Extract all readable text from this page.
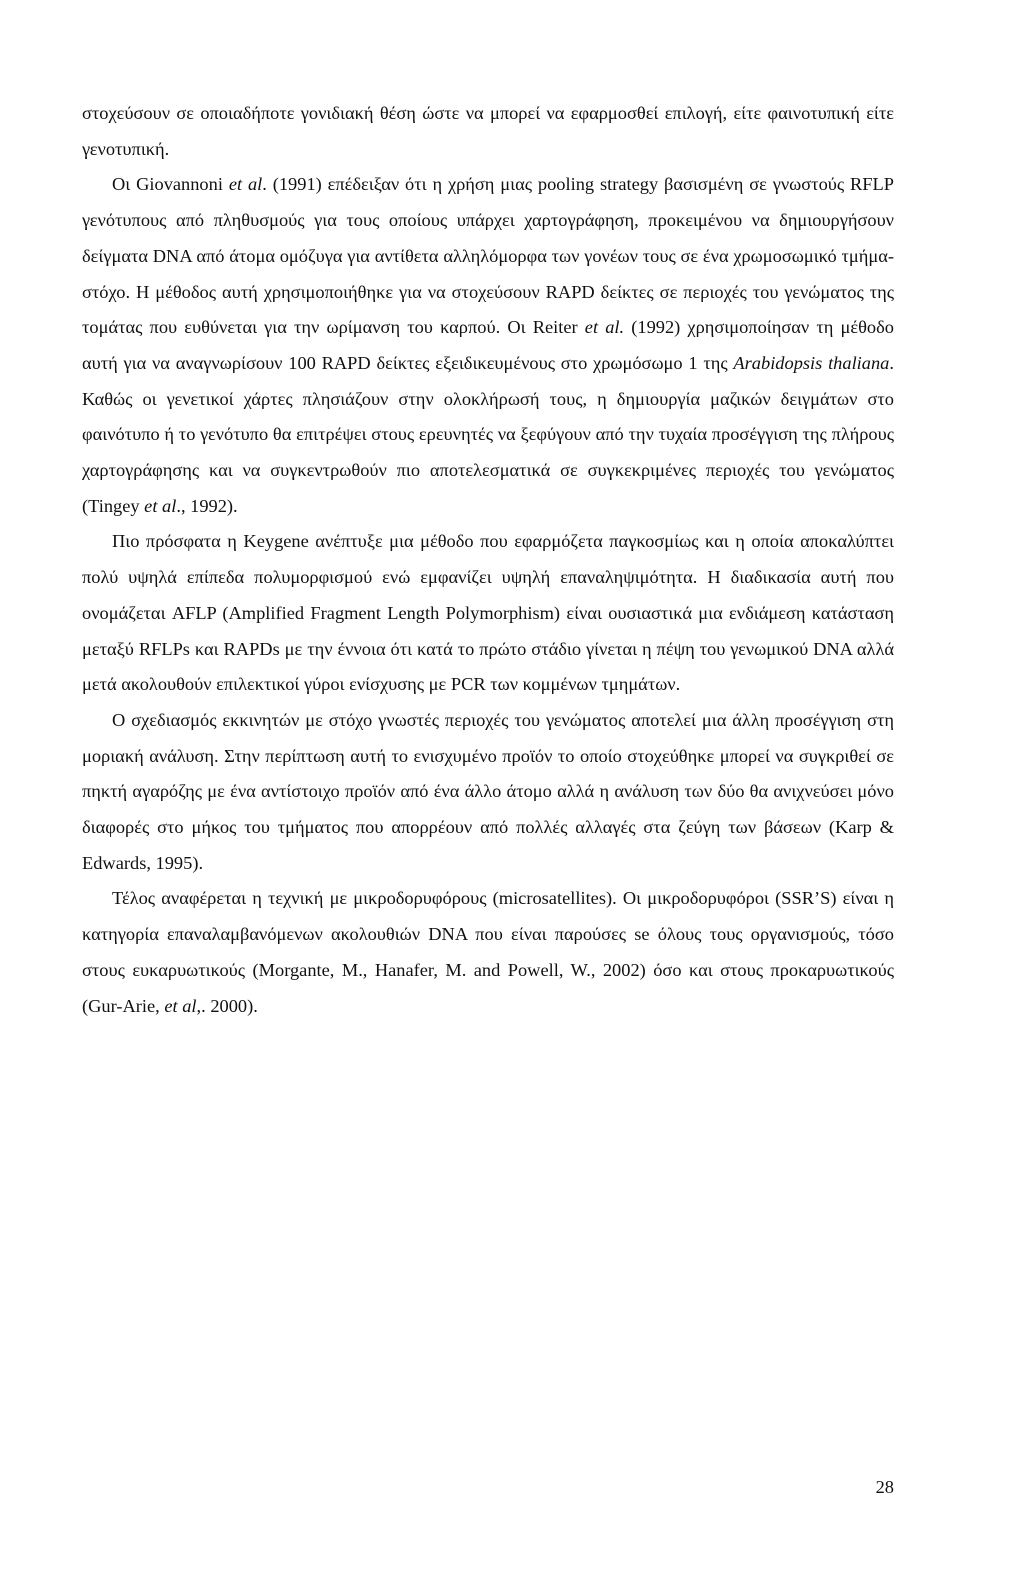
στοχεύσουν σε οποιαδήποτε γονιδιακή θέση ώστε να μπορεί να εφαρμοσθεί επιλογή, είτε φαινοτυπική είτε γενοτυπική.

Οι Giovannoni et al. (1991) επέδειξαν ότι η χρήση μιας pooling strategy βασισμένη σε γνωστούς RFLP γενότυπους από πληθυσμούς για τους οποίους υπάρχει χαρτογράφηση, προκειμένου να δημιουργήσουν δείγματα DNA από άτομα ομόζυγα για αντίθετα αλληλόμορφα των γονέων τους σε ένα χρωμοσωμικό τμήμα-στόχο. Η μέθοδος αυτή χρησιμοποιήθηκε για να στοχεύσουν RAPD δείκτες σε περιοχές του γενώματος της τομάτας που ευθύνεται για την ωρίμανση του καρπού. Οι Reiter et al. (1992) χρησιμοποίησαν τη μέθοδο αυτή για να αναγνωρίσουν 100 RAPD δείκτες εξειδικευμένους στο χρωμόσωμο 1 της Arabidopsis thaliana. Καθώς οι γενετικοί χάρτες πλησιάζουν στην ολοκλήρωσή τους, η δημιουργία μαζικών δειγμάτων στο φαινότυπο ή το γενότυπο θα επιτρέψει στους ερευνητές να ξεφύγουν από την τυχαία προσέγγιση της πλήρους χαρτογράφησης και να συγκεντρωθούν πιο αποτελεσματικά σε συγκεκριμένες περιοχές του γενώματος (Tingey et al., 1992).

Πιο πρόσφατα η Keygene ανέπτυξε μια μέθοδο που εφαρμόζετα παγκοσμίως και η οποία αποκαλύπτει πολύ υψηλά επίπεδα πολυμορφισμού ενώ εμφανίζει υψηλή επαναληψιμότητα. Η διαδικασία αυτή που ονομάζεται AFLP (Amplified Fragment Length Polymorphism) είναι ουσιαστικά μια ενδιάμεση κατάσταση μεταξύ RFLPs και RAPDs με την έννοια ότι κατά το πρώτο στάδιο γίνεται η πέψη του γενωμικού DNA αλλά μετά ακολουθούν επιλεκτικοί γύροι ενίσχυσης με PCR των κομμένων τμημάτων.

Ο σχεδιασμός εκκινητών με στόχο γνωστές περιοχές του γενώματος αποτελεί μια άλλη προσέγγιση στη μοριακή ανάλυση. Στην περίπτωση αυτή το ενισχυμένο προϊόν το οποίο στοχεύθηκε μπορεί να συγκριθεί σε πηκτή αγαρόζης με ένα αντίστοιχο προϊόν από ένα άλλο άτομο αλλά η ανάλυση των δύο θα ανιχνεύσει μόνο διαφορές στο μήκος του τμήματος που απορρέουν από πολλές αλλαγές στα ζεύγη των βάσεων (Karp & Edwards, 1995).

Τέλος αναφέρεται η τεχνική με μικροδορυφόρους (microsatellites). Οι μικροδορυφόροι (SSR’S) είναι η κατηγορία επαναλαμβανόμενων ακολουθιών DNA που είναι παρούσες se όλους τους οργανισμούς, τόσο στους ευκαρυωτικούς (Morgante, M., Hanafer, M. and Powell, W., 2002) όσο και στους προκαρυωτικούς (Gur-Arie, et al,. 2000).

28
